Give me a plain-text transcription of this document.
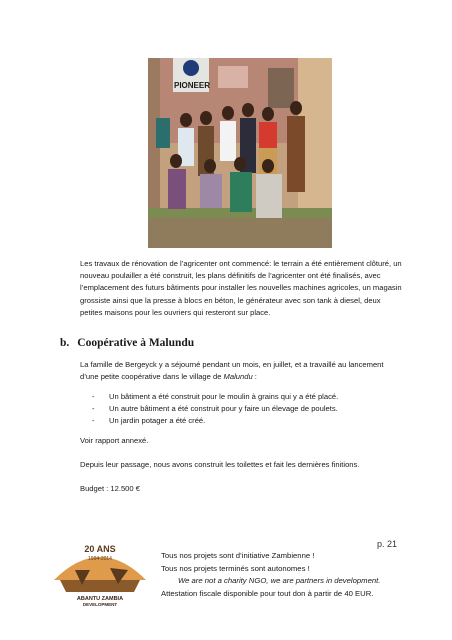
PIONEER

Les travaux de rénovation de l’agricenter ont commencé: le terrain a été entièrement clôturé, un nouveau poulailler a été construit, les plans définitifs de l’agricenter ont été finalisés, avec l’emplacement des futurs bâtiments pour installer les nouvelles machines agricoles, un magasin grossiste ainsi que la presse à blocs en béton, le générateur avec son tank à diesel, deux petites maisons pour les ouvriers qui resteront sur place.

b. Coopérative à Malundu

La famille de Bergeyck y a séjourné pendant un mois, en juillet, et a travaillé au lancement d’une petite coopérative dans le village de Malundu :

-	Un bâtiment a été construit pour le moulin à grains qui y a été placé.
-	Un autre bâtiment a été construit pour y faire un élevage de poulets.
-	Un jardin potager a été créé.

Voir rapport annexé.

Depuis leur passage, nous avons construit les toilettes et fait les dernières finitions.

Budget : 12.500 €

20 ANS
1994-2014
ABANTU ZAMBIA
DEVELOPMENT
p. 21
Tous nos projets sont d’initiative Zambienne !
Tous nos projets terminés sont autonomes !
We are not a charity NGO, we are partners in development.
Attestation fiscale disponible pour tout don à partir de 40 EUR.
